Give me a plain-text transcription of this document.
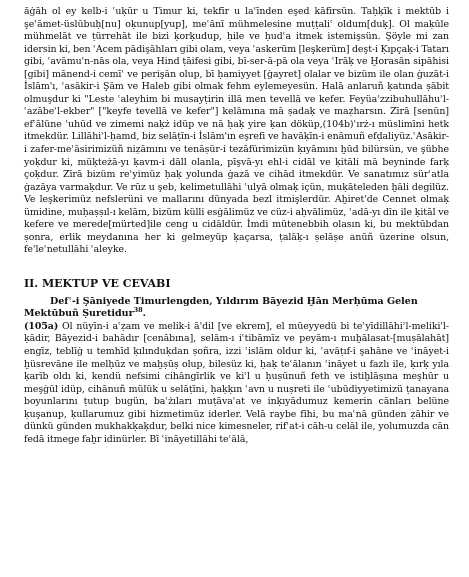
ăġāh ol ey kelb-i ʿuḳūr u Timur ki, tekfīr u laʿīnden eşed kāfirsün. Taḥķīk i mektūb i şeʿāmet-üslūbuḥ[nu] oḳunup[yup], meʿānī mühmelesine muṭṭaliʿ oldum[duḳ]. Ol maḳūle mühmelāt ve ṭürrehāt ile bizi ḳorḳudup, ḥile ve ḥudʿa itmek istemişsün. Şöyle mi zan idersin ki, ben ʿAcem pādişāhları gibi olam, veya ʿaskerüm [leşkerüm] deşt-i Ḳıpçaḳ-i Tatarı gibi, ʿavāmu'n-nās ola, veya Hind ṭāifesi gibi, bī-ser-ā-pā ola veya ʿIrāḳ ve Ḫorasān sipāhisi [gibi] mānend-i cemīʿ ve perişān olup, bī ḥamiyyet [ġayret] olalar ve bizüm ile olan ġuzāt-i İslām'ı, ʿasākir-i Şām ve Haleb gibi olmak fehm eylemeyesün. Halā anlaruñ ḳatında ṣābit olmuşdur ki "Leste ʿaleyhim bi musayṭirin illā men tevellā ve kefer. Feyüaʿzzibuhullāhuʾl-ʿazābeʾl-ekber" ["keyfe tevellā ve kefer"] kelāmına mā ṣadaḳ ve maẓharsın. Zīrā [senün] efʿālüne ʿuhūd ve zimemi naḳż idüp ve nā ḥaḳ yire ḳan döküp,(104b)ʿırż-ı müslimīni hetk itmekdür. Lillāhiʾl-ḥamd, biz selāṭīn-i İslām'ın eşrefi ve havāḳīn-i enāmuñ efḍaliyüz.ʿAsākir-i zafer-meʾāsirimizüñ niẓāmını ve tenāṣür-i tezāfürimizün ḳıyāmını ḫūd bilürsün, ve şübhe yoḳdur ki, müḳteżā-yı ḳavm-i dāll olanla, pīşvā-yı ehl-i cidāl ve ḳitāli mā beyninde farḳ çoḳdur. Zīrā bizüm reʾyimüz ḥaḳ yolunda ġazā ve cihād itmekdür. Ve sanatımız sürʿatla ġazāya varmaḳdur. Ve rūz u şeb, kelimetullāhi ʿulyā olmaḳ içün, muḳāteleden ḫāli degilüz. Ve leşkerimüz nefslerüni ve mallarını dünyada bezl itmişlerdür. Aḫiret'de Cennet olmaḳ ümidine, muḥaṣṣıl-ı kelām, bizüm külli esġālimüz ve cüz-i aḥvālimüz, ʿadā-yı dīn ile ḳitāl ve kefere ve merede[mürted]ile ceng u cidāldür. İmdi mütenebbih olasın ki, bu mektūbdan ṣonra, erlik meydanına her ki gelmeyüp ḳaçarsa, ṭalāḳ-ı ṣelāṣe anūñ üzerine olsun, fe'leʿnetullāhi ʿaleyke.

II. MEKTUP VE CEVABI

Defʿ-i Şāniyede Timurlengden, Yıldırım Bāyezid Ḫān Merḥūma Gelen Mektūbuñ Ṣuretidur$^{38}$.

(105a) Ol nüyīn-i aʿẓam ve melik-i ā'dil [ve ekrem], el müeyyedü bi teʾyīdillāhiʾl-meliki'l-ḳādir, Bāyezid-i bahādır [cenābına], selām-ı iʿtibāmīz ve peyām-ı muḫālasat-[muṣālahāt] engīz, teblīġ u temhīd ḳılınduḳdan ṣoñra, izzi ʿislām oldur ki, ʿavāṭıf-i şahāne ve ʿināyet-i ḫüsrevāne ile melḥūz ve maḫṣūṣ olup, bilesüz ki, ḥaḳ teʿālanın ʿināyet u fazlı ile, ḳırḳ yıla ḳarīb oldı ki, kendü nefsimi cihāngīrlik ve kiʿl u ḥuṣūnuñ feth ve istiḫlāṣına meşhūr u meşġūl idüp, cihānuñ mülük u selāṭīni, ḥaḳḳın ʿavn u nuṣreti ile ʿubūdiyyetimizü ṭanayana boyunlarını ṭutup bugün, baʿżıları muṭāvaʿat ve inḳıyādumuz kemerin cānları belüne ḳuşanup, ḳullarumuz gibi hizmetimüz iderler. Velā raybe fīhi, bu maʿnā günden ẓāhir ve dünkü günden mukhakḳaḳdur, belki nice kimesneler, rifʿat-i cāh-u celāl ile, yolumuzda cān fedā itmege faḫr idinürler. Bī ʿināyetillāhi teʿālā,
